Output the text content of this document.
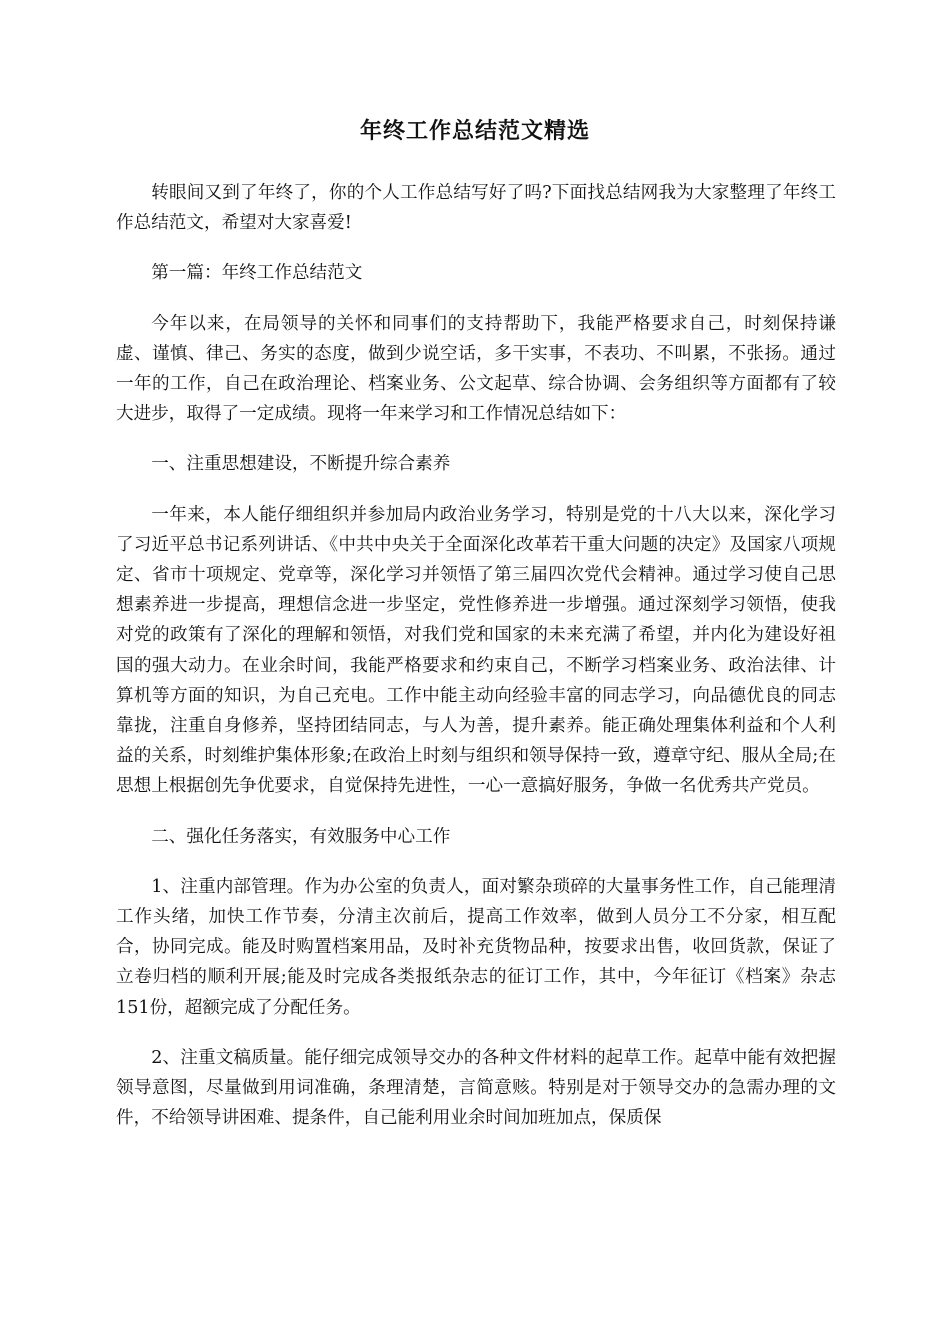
年终工作总结范文精选

转眼间又到了年终了，你的个人工作总结写好了吗?下面找总结网我为大家整理了年终工作总结范文，希望对大家喜爱!

第一篇：年终工作总结范文

今年以来，在局领导的关怀和同事们的支持帮助下，我能严格要求自己，时刻保持谦虚、谨慎、律己、务实的态度，做到少说空话，多干实事，不表功、不叫累，不张扬。通过一年的工作，自己在政治理论、档案业务、公文起草、综合协调、会务组织等方面都有了较大进步，取得了一定成绩。现将一年来学习和工作情况总结如下：

一、注重思想建设，不断提升综合素养

一年来，本人能仔细组织并参加局内政治业务学习，特别是党的十八大以来，深化学习了习近平总书记系列讲话、《中共中央关于全面深化改革若干重大问题的决定》及国家八项规定、省市十项规定、党章等，深化学习并领悟了第三届四次党代会精神。通过学习使自己思想素养进一步提高，理想信念进一步坚定，党性修养进一步增强。通过深刻学习领悟，使我对党的政策有了深化的理解和领悟，对我们党和国家的未来充满了希望，并内化为建设好祖国的强大动力。在业余时间，我能严格要求和约束自己，不断学习档案业务、政治法律、计算机等方面的知识，为自己充电。工作中能主动向经验丰富的同志学习，向品德优良的同志靠拢，注重自身修养，坚持团结同志，与人为善，提升素养。能正确处理集体利益和个人利益的关系，时刻维护集体形象;在政治上时刻与组织和领导保持一致，遵章守纪、服从全局;在思想上根据创先争优要求，自觉保持先进性，一心一意搞好服务，争做一名优秀共产党员。

二、强化任务落实，有效服务中心工作

1、注重内部管理。作为办公室的负责人，面对繁杂琐碎的大量事务性工作，自己能理清工作头绪，加快工作节奏，分清主次前后，提高工作效率，做到人员分工不分家，相互配合，协同完成。能及时购置档案用品，及时补充货物品种，按要求出售，收回货款，保证了立卷归档的顺利开展;能及时完成各类报纸杂志的征订工作，其中，今年征订《档案》杂志151份，超额完成了分配任务。

2、注重文稿质量。能仔细完成领导交办的各种文件材料的起草工作。起草中能有效把握领导意图，尽量做到用词准确，条理清楚，言简意赅。特别是对于领导交办的急需办理的文件，不给领导讲困难、提条件，自己能利用业余时间加班加点，保质保
